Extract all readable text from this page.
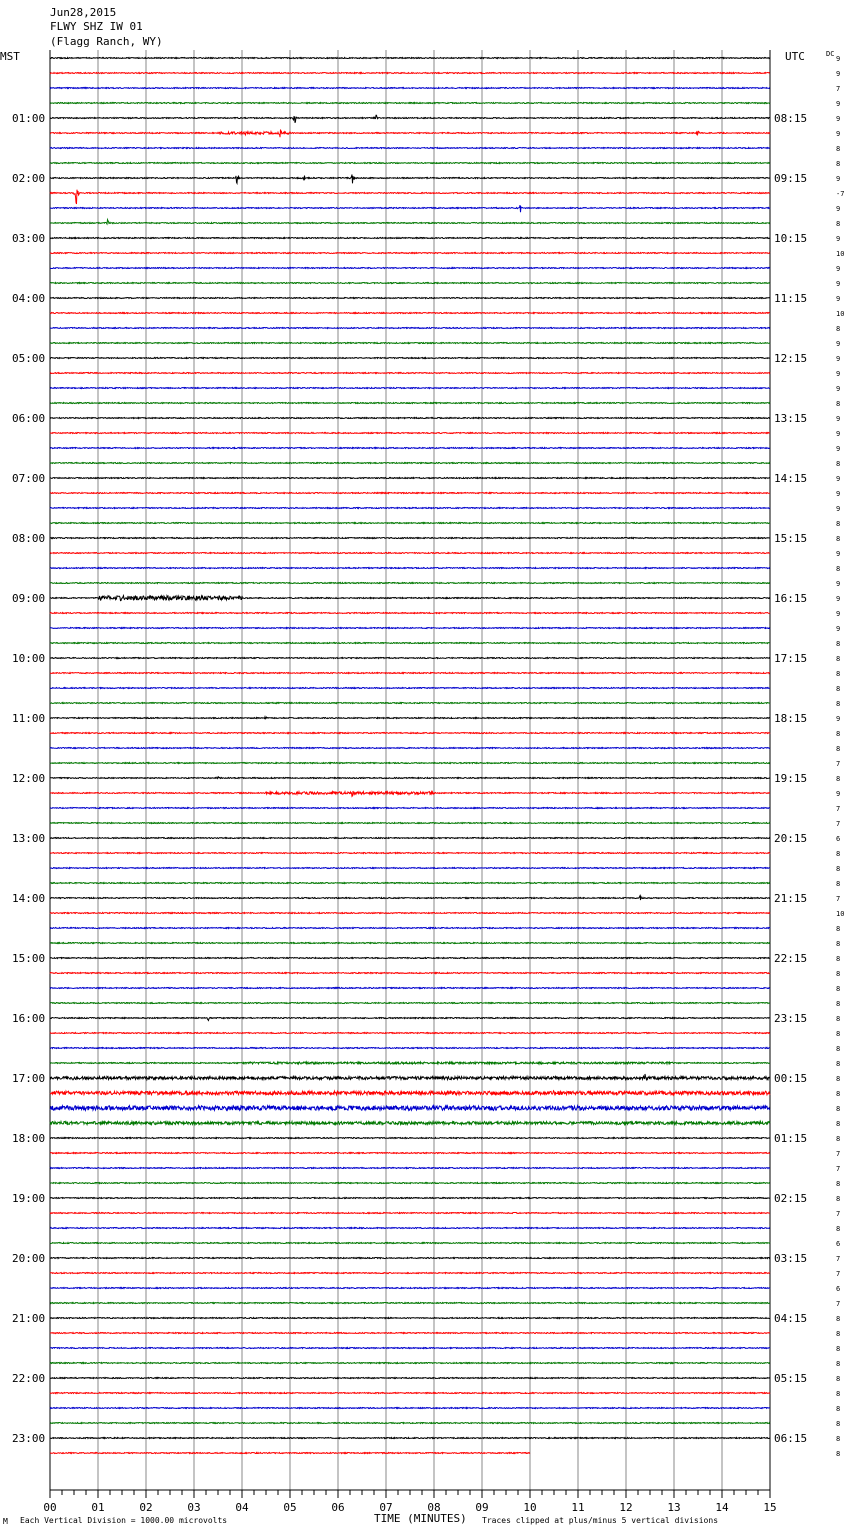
Jun28,2015
FLWY SHZ IW 01
(Flagg Ranch, WY)
MST	UTC	DC
01:00
02:00
03:00
04:00
05:00
06:00
07:00
08:00
09:00
10:00
11:00
12:00
13:00
14:00
15:00
16:00
17:00
18:00
19:00
20:00
21:00
22:00
23:00
08:15
09:15
10:15
11:15
12:15
13:15
14:15
15:15
16:15
17:15
18:15
19:15
20:15
21:15
22:15
23:15
00:15
01:15
02:15
03:15
04:15
05:15
06:15
9
9
7
9
9
9
8
8
9
-7
9
8
9
10
9
9
9
10
8
9
9
9
9
8
9
9
9
8
9
9
9
8
8
9
8
9
9
9
9
8
8
8
8
8
9
8
8
7
8
9
7
7
6
8
8
8
7
10
8
8
8
8
8
8
8
8
8
8
8
8
8
8
8
7
7
8
8
7
8
6
7
7
6
7
8
8
8
8
8
8
8
8
8
8
00	01	02	03	04	05	06	07	08	09	10	11	12	13	14	15
M Each Vertical Division = 1000.00 microvolts	TIME (MINUTES) Traces clipped at plus/minus 5 vertical divisions
